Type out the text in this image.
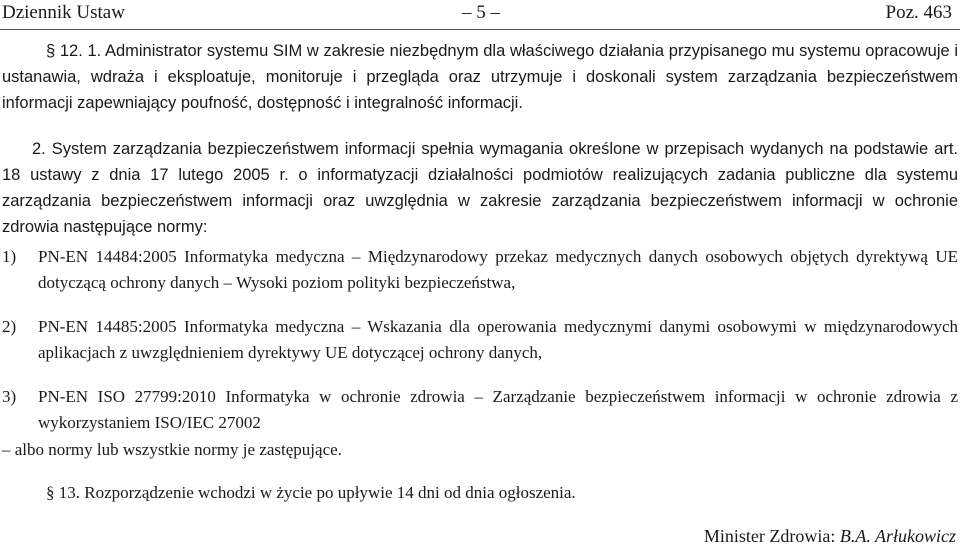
Dziennik Ustaw	– 5 –	Poz. 463

§ 12. 1. Administrator systemu SIM w zakresie niezbędnym dla właściwego działania przypisanego mu systemu opracowuje i ustanawia, wdraża i eksploatuje, monitoruje i przegląda oraz utrzymuje i doskonali system zarządzania bezpieczeństwem informacji zapewniający poufność, dostępność i integralność informacji.

2. System zarządzania bezpieczeństwem informacji spełnia wymagania określone w przepisach wydanych na podstawie art. 18 ustawy z dnia 17 lutego 2005 r. o informatyzacji działalności podmiotów realizujących zadania publiczne dla systemu zarządzania bezpieczeństwem informacji oraz uwzględnia w zakresie zarządzania bezpieczeństwem informacji w ochronie zdrowia następujące normy:

1)	PN-EN 14484:2005 Informatyka medyczna – Międzynarodowy przekaz medycznych danych osobowych objętych dyrektywą UE dotyczącą ochrony danych – Wysoki poziom polityki bezpieczeństwa,
2)	PN-EN 14485:2005 Informatyka medyczna – Wskazania dla operowania medycznymi danymi osobowymi w międzynarodowych aplikacjach z uwzględnieniem dyrektywy UE dotyczącej ochrony danych,
3)	PN-EN ISO 27799:2010 Informatyka w ochronie zdrowia – Zarządzanie bezpieczeństwem informacji w ochronie zdrowia z wykorzystaniem ISO/IEC 27002

– albo normy lub wszystkie normy je zastępujące.

§ 13. Rozporządzenie wchodzi w życie po upływie 14 dni od dnia ogłoszenia.

Minister Zdrowia: B.A. Arłukowicz
